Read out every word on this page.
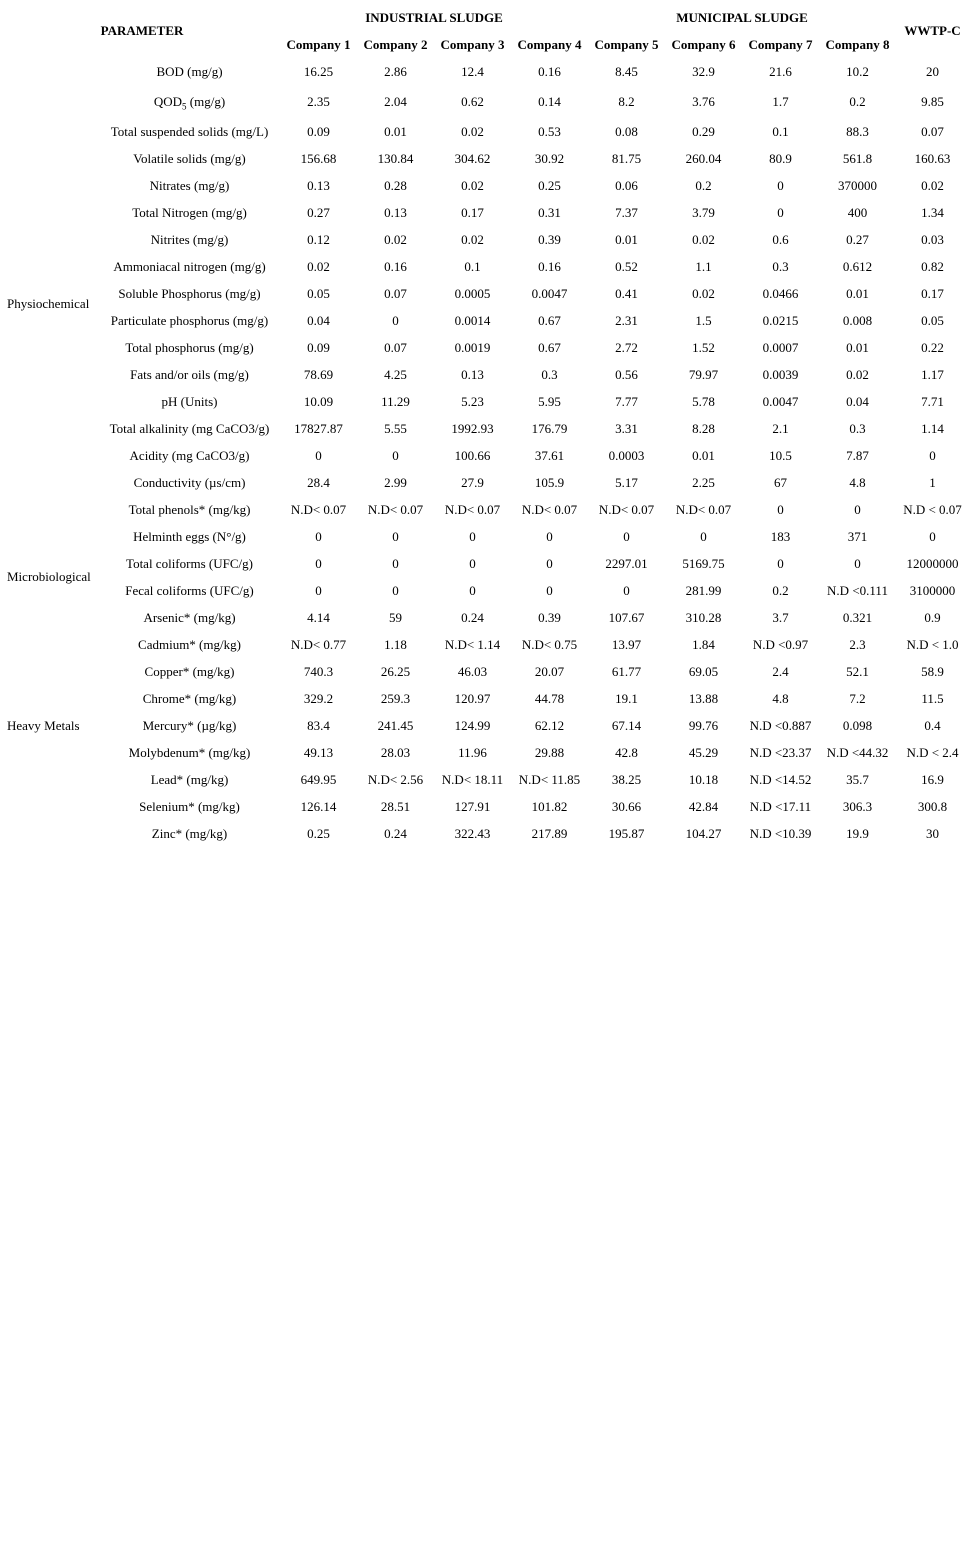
PARAMETER		INDUSTRIAL SLUDGE				MUNICIPAL SLUDGE				WWTP-C
		Company 1	Company 2	Company 3	Company 4	Company 5	Company 6	Company 7	Company 8	
Physiochemical	BOD (mg/g)	16.25	2.86	12.4	0.16	8.45	32.9	21.6	10.2	20
	$QOD_5$ (mg/g)	2.35	2.04	0.62	0.14	8.2	3.76	1.7	0.2	9.85
	Total suspended solids (mg/L)	0.09	0.01	0.02	0.53	0.08	0.29	0.1	88.3	0.07
	Volatile solids (mg/g)	156.68	130.84	304.62	30.92	81.75	260.04	80.9	561.8	160.63
	Nitrates (mg/g)	0.13	0.28	0.02	0.25	0.06	0.2	0	370000	0.02
	Total Nitrogen (mg/g)	0.27	0.13	0.17	0.31	7.37	3.79	0	400	1.34
	Nitrites (mg/g)	0.12	0.02	0.02	0.39	0.01	0.02	0.6	0.27	0.03
	Ammoniacal nitrogen (mg/g)	0.02	0.16	0.1	0.16	0.52	1.1	0.3	0.612	0.82
	Soluble Phosphorus (mg/g)	0.05	0.07	0.0005	0.0047	0.41	0.02	0.0466	0.01	0.17
	Particulate phosphorus (mg/g)	0.04	0	0.0014	0.67	2.31	1.5	0.0215	0.008	0.05
	Total phosphorus (mg/g)	0.09	0.07	0.0019	0.67	2.72	1.52	0.0007	0.01	0.22
	Fats and/or oils (mg/g)	78.69	4.25	0.13	0.3	0.56	79.97	0.0039	0.02	1.17
	pH (Units)	10.09	11.29	5.23	5.95	7.77	5.78	0.0047	0.04	7.71
	Total alkalinity (mg CaCO3/g)	17827.87	5.55	1992.93	176.79	3.31	8.28	2.1	0.3	1.14
	Acidity (mg CaCO3/g)	0	0	100.66	37.61	0.0003	0.01	10.5	7.87	0
	Conductivity (µs/cm)	28.4	2.99	27.9	105.9	5.17	2.25	67	4.8	1
	Total phenols* (mg/kg)	N.D< 0.07	N.D< 0.07	N.D< 0.07	N.D< 0.07	N.D< 0.07	N.D< 0.07	0	0	N.D < 0.07
	Helminth eggs (N°/g)	0	0	0	0	0	0	183	371	0
Microbiological	Total coliforms (UFC/g)	0	0	0	0	2297.01	5169.75	0	0	12000000
	Fecal coliforms (UFC/g)	0	0	0	0	0	281.99	0.2	N.D <0.111	3100000
Heavy Metals	Arsenic* (mg/kg)	4.14	59	0.24	0.39	107.67	310.28	3.7	0.321	0.9
	Cadmium* (mg/kg)	N.D< 0.77	1.18	N.D< 1.14	N.D< 0.75	13.97	1.84	N.D <0.97	2.3	N.D < 1.0
	Copper* (mg/kg)	740.3	26.25	46.03	20.07	61.77	69.05	2.4	52.1	58.9
	Chrome* (mg/kg)	329.2	259.3	120.97	44.78	19.1	13.88	4.8	7.2	11.5
	Mercury* (µg/kg)	83.4	241.45	124.99	62.12	67.14	99.76	N.D <0.887	0.098	0.4
	Molybdenum* (mg/kg)	49.13	28.03	11.96	29.88	42.8	45.29	N.D <23.37	N.D <44.32	N.D < 2.4
	Lead* (mg/kg)	649.95	N.D< 2.56	N.D< 18.11	N.D< 11.85	38.25	10.18	N.D <14.52	35.7	16.9
	Selenium* (mg/kg)	126.14	28.51	127.91	101.82	30.66	42.84	N.D <17.11	306.3	300.8
	Zinc* (mg/kg)	0.25	0.24	322.43	217.89	195.87	104.27	N.D <10.39	19.9	30
